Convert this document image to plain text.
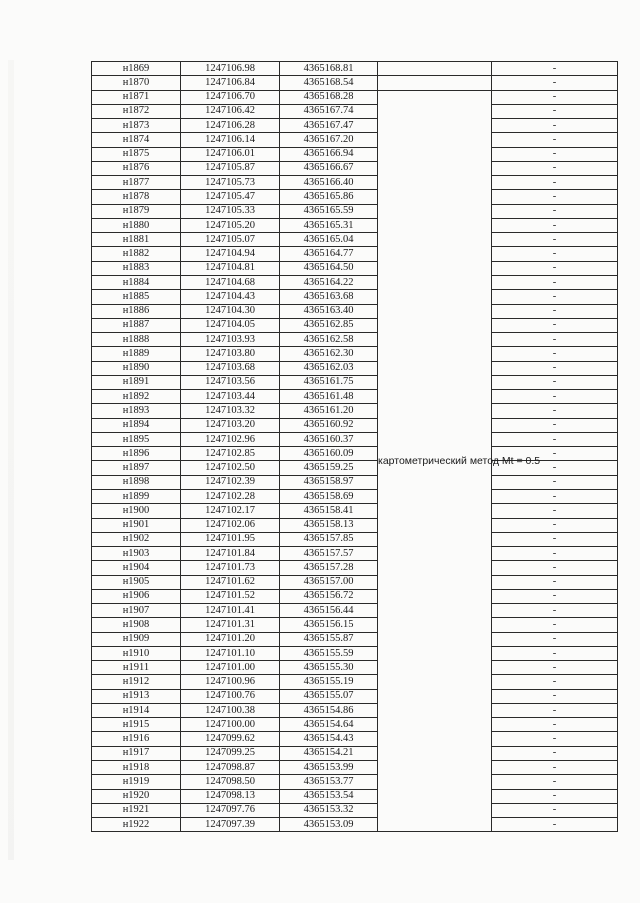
н1869	1247106.98	4365168.81		-
н1870	1247106.84	4365168.54		-
н1871	1247106.70	4365168.28	картометрический метод Mt = 0.5	-
н1872	1247106.42	4365167.74		-
н1873	1247106.28	4365167.47		-
н1874	1247106.14	4365167.20		-
н1875	1247106.01	4365166.94		-
н1876	1247105.87	4365166.67		-
н1877	1247105.73	4365166.40		-
н1878	1247105.47	4365165.86		-
н1879	1247105.33	4365165.59		-
н1880	1247105.20	4365165.31		-
н1881	1247105.07	4365165.04		-
н1882	1247104.94	4365164.77		-
н1883	1247104.81	4365164.50		-
н1884	1247104.68	4365164.22		-
н1885	1247104.43	4365163.68		-
н1886	1247104.30	4365163.40		-
н1887	1247104.05	4365162.85		-
н1888	1247103.93	4365162.58		-
н1889	1247103.80	4365162.30		-
н1890	1247103.68	4365162.03		-
н1891	1247103.56	4365161.75		-
н1892	1247103.44	4365161.48		-
н1893	1247103.32	4365161.20		-
н1894	1247103.20	4365160.92		-
н1895	1247102.96	4365160.37		-
н1896	1247102.85	4365160.09		-
н1897	1247102.50	4365159.25		-
н1898	1247102.39	4365158.97		-
н1899	1247102.28	4365158.69		-
н1900	1247102.17	4365158.41		-
н1901	1247102.06	4365158.13		-
н1902	1247101.95	4365157.85		-
н1903	1247101.84	4365157.57		-
н1904	1247101.73	4365157.28		-
н1905	1247101.62	4365157.00		-
н1906	1247101.52	4365156.72		-
н1907	1247101.41	4365156.44		-
н1908	1247101.31	4365156.15		-
н1909	1247101.20	4365155.87		-
н1910	1247101.10	4365155.59		-
н1911	1247101.00	4365155.30		-
н1912	1247100.96	4365155.19		-
н1913	1247100.76	4365155.07		-
н1914	1247100.38	4365154.86		-
н1915	1247100.00	4365154.64		-
н1916	1247099.62	4365154.43		-
н1917	1247099.25	4365154.21		-
н1918	1247098.87	4365153.99		-
н1919	1247098.50	4365153.77		-
н1920	1247098.13	4365153.54		-
н1921	1247097.76	4365153.32		-
н1922	1247097.39	4365153.09		-
